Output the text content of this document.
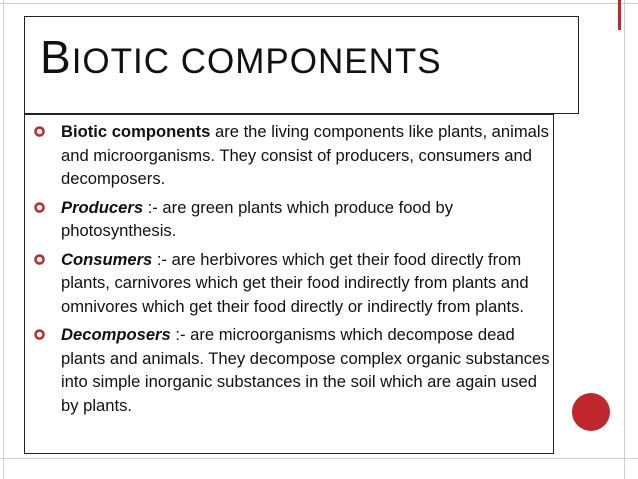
BIOTIC COMPONENTS
Biotic components are the living components like plants, animals and microorganisms. They consist of producers, consumers and decomposers.
Producers :- are green plants which produce food by photosynthesis.
Consumers :- are herbivores which get their food directly from plants, carnivores which get their food indirectly from plants and omnivores which get their food directly or indirectly from plants.
Decomposers :- are microorganisms which decompose dead plants and animals. They decompose complex organic substances into simple inorganic substances in the soil which are again used by plants.
